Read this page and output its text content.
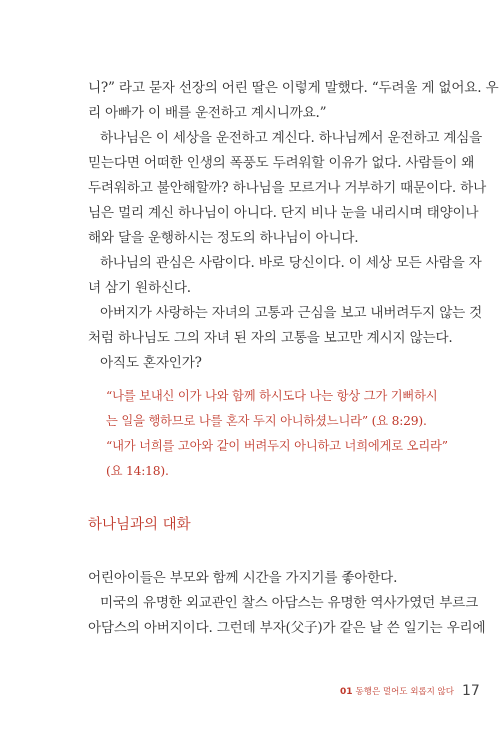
니?” 라고 묻자 선장의 어린 딸은 이렇게 말했다. “두려울 게 없어요. 우
리 아빠가 이 배를 운전하고 계시니까요.”
하나님은 이 세상을 운전하고 계신다. 하나님께서 운전하고 계심을
믿는다면 어떠한 인생의 폭풍도 두려워할 이유가 없다. 사람들이 왜
두려워하고 불안해할까? 하나님을 모르거나 거부하기 때문이다. 하나
님은 멀리 계신 하나님이 아니다. 단지 비나 눈을 내리시며 태양이나
해와 달을 운행하시는 정도의 하나님이 아니다.
하나님의 관심은 사람이다. 바로 당신이다. 이 세상 모든 사람을 자
녀 삼기 원하신다.
아버지가 사랑하는 자녀의 고통과 근심을 보고 내버려두지 않는 것
처럼 하나님도 그의 자녀 된 자의 고통을 보고만 계시지 않는다.
아직도 혼자인가?
“나를 보내신 이가 나와 함께 하시도다 나는 항상 그가 기뻐하시
는 일을 행하므로 나를 혼자 두지 아니하셨느니라” (요 8:29).
“내가 너희를 고아와 같이 버려두지 아니하고 너희에게로 오리라”
(요 14:18).
하나님과의 대화
어린아이들은 부모와 함께 시간을 가지기를 좋아한다.
미국의 유명한 외교관인 찰스 아담스는 유명한 역사가였던 부르크
아담스의 아버지이다. 그런데 부자(父子)가 같은 날 쓴 일기는 우리에
01 동행은 멀어도 외롭지 않다 17
